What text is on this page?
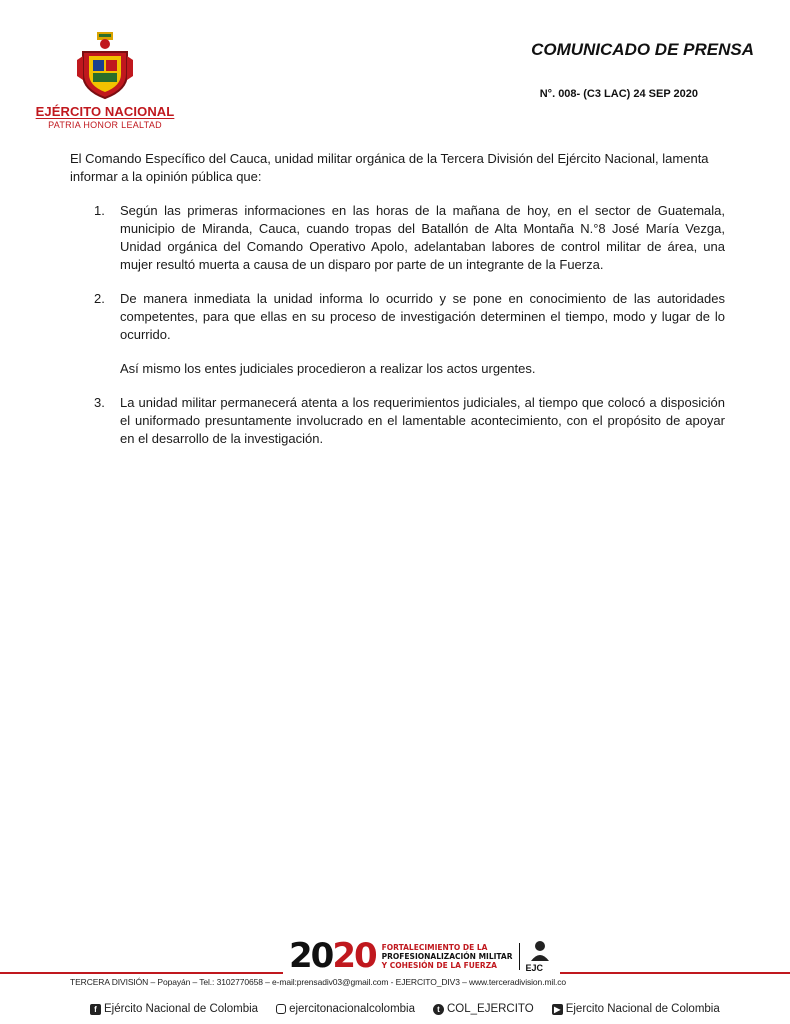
EJÉRCITO NACIONAL
PATRIA HONOR LEALTAD
COMUNICADO DE PRENSA
N°. 008- (C3 LAC) 24 SEP 2020

El Comando Específico del Cauca, unidad militar orgánica de la Tercera División del Ejército Nacional, lamenta informar a la opinión pública que:

1.	Según las primeras informaciones en las horas de la mañana de hoy, en el sector de Guatemala, municipio de Miranda, Cauca, cuando tropas del Batallón de Alta Montaña N.°8 José María Vezga, Unidad orgánica del Comando Operativo Apolo, adelantaban labores de control militar de área, una mujer resultó muerta a causa de un disparo por parte de un integrante de la Fuerza.

2.	De manera inmediata la unidad informa lo ocurrido y se pone en conocimiento de las autoridades competentes, para que ellas en su proceso de investigación determinen el tiempo, modo y lugar de lo ocurrido.

Así mismo los entes judiciales procedieron a realizar los actos urgentes.

3.	La unidad militar permanecerá atenta a los requerimientos judiciales, al tiempo que colocó a disposición el uniformado presuntamente involucrado en el lamentable acontecimiento, con el propósito de apoyar en el desarrollo de la investigación.

2020 FORTALECIMIENTO DE LA
PROFESIONALIZACIÓN MILITAR
Y COHESIÓN DE LA FUERZA	EJC
TERCERA DIVISIÓN – Popayán – Tel.: 3102770658 – e-mail:prensadiv03@gmail.com - EJERCITO_DIV3 – www.terceradivision.mil.co
f Ejército Nacional de Colombia	ejercitonacionalcolombia	t COL_EJERCITO	▶ Ejercito Nacional de Colombia
